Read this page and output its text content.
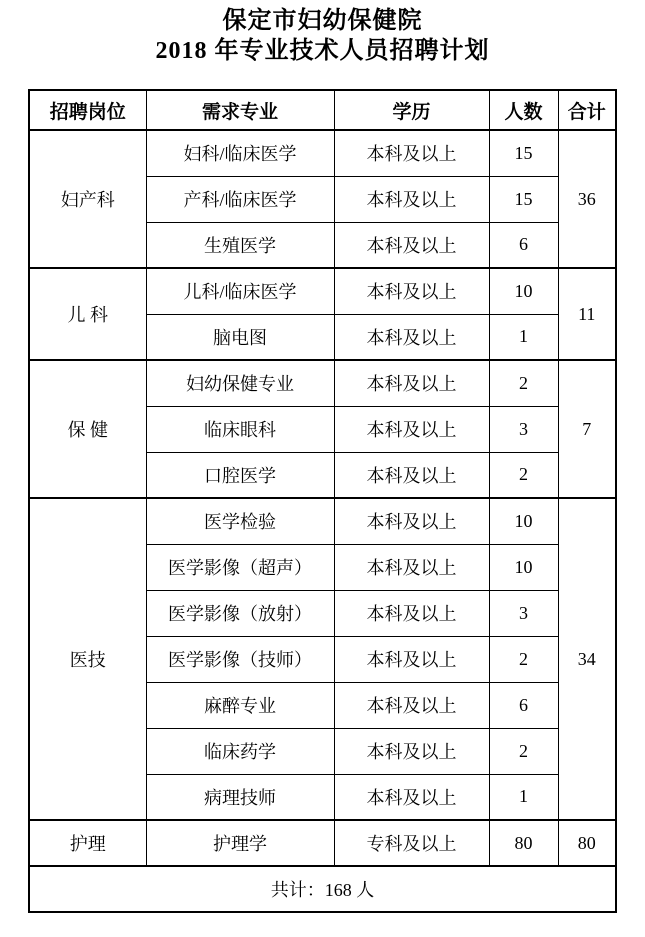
保定市妇幼保健院
2018 年专业技术人员招聘计划
招聘岗位	需求专业	学历	人数	合计
妇产科	妇科/临床医学	本科及以上	15	36
	产科/临床医学	本科及以上	15	
	生殖医学	本科及以上	6	
儿 科	儿科/临床医学	本科及以上	10	11
	脑电图	本科及以上	1	
保 健	妇幼保健专业	本科及以上	2	7
	临床眼科	本科及以上	3	
	口腔医学	本科及以上	2	
医技	医学检验	本科及以上	10	34
	医学影像（超声）	本科及以上	10	
	医学影像（放射）	本科及以上	3	
	医学影像（技师）	本科及以上	2	
	麻醉专业	本科及以上	6	
	临床药学	本科及以上	2	
	病理技师	本科及以上	1	
护理	护理学	专科及以上	80	80
共计：168 人				
